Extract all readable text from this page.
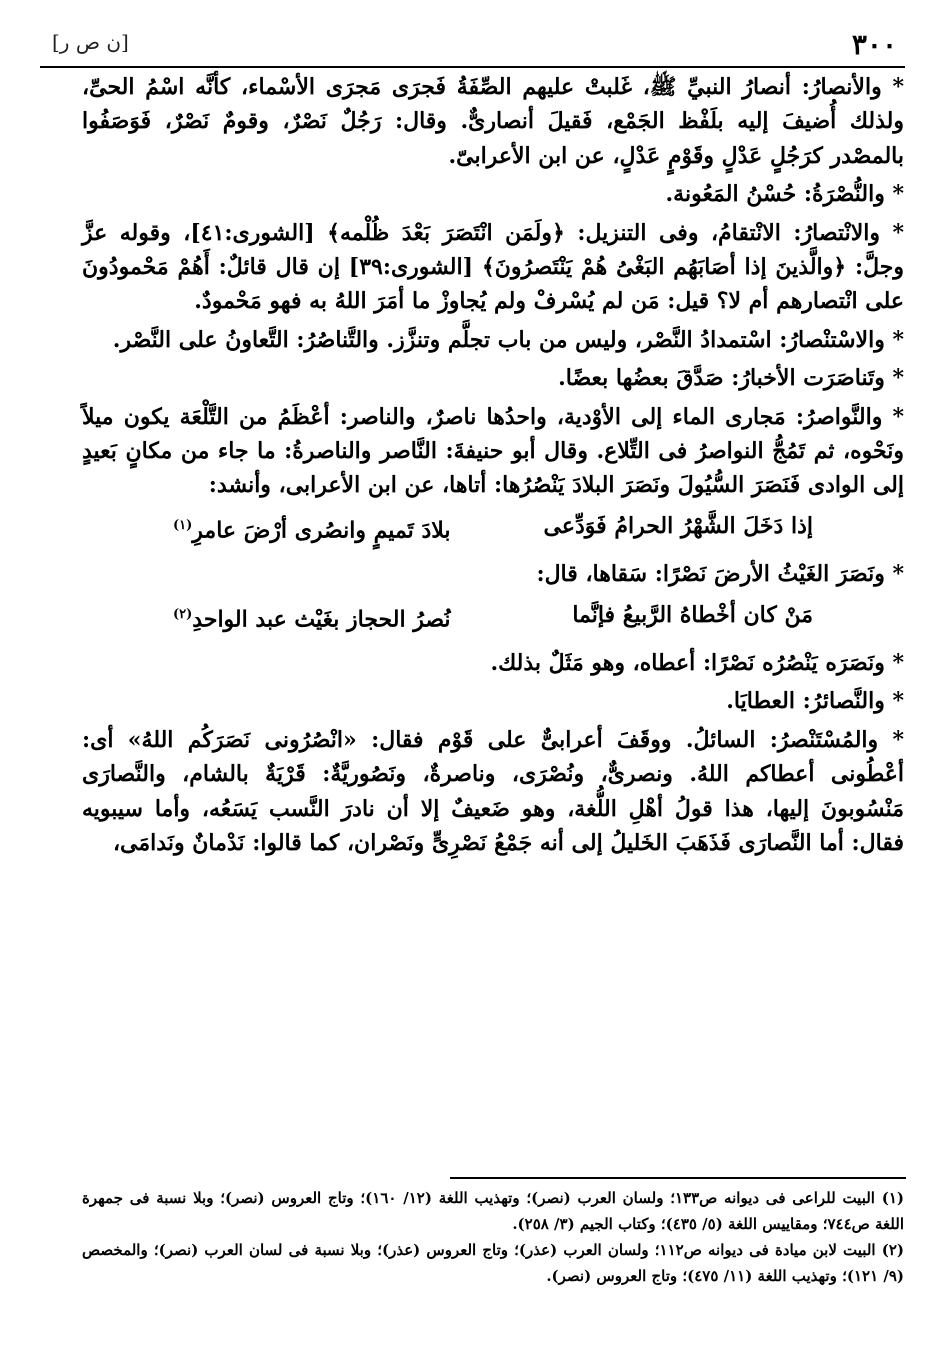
٣٠٠
[ن ص ر]

* والأنصارُ: أنصارُ النبيِّ ﷺ، غَلبتْ عليهم الصِّفَةُ فَجرَى مَجرَى الأسْماء، كأنَّه اسْمُ الحىِّ، ولذلك أُضيفَ إليه بلَفْظ الجَمْع، فَقيلَ أنصارىٌّ. وقال: رَجُلٌ نَصْرٌ، وقومٌ نَصْرٌ، فَوَصَفُوا بالمصْدر كرَجُلٍ عَدْلٍ وقَوْمٍ عَدْلٍ، عن ابن الأعرابىّ.

* والنُّصْرَةُ: حُسْنُ المَعُونة.

* والانْتصارُ: الانْتقامُ، وفى التنزيل: ﴿ولَمَن انْتَصَرَ بَعْدَ ظُلْمه﴾ [الشورى:٤١]، وقوله عزَّ وجلَّ: ﴿والَّذينَ إذا أصَابَهُم البَغْىُ هُمْ يَنْتَصرُونَ﴾ [الشورى:٣٩] إن قال قائلٌ: أَهُمْ مَحْمودُونَ على انْتصارهم أم لا؟ قيل: مَن لم يُسْرفْ ولم يُجاوزْ ما أمَرَ اللهُ به فهو مَحْمودٌ.

* والاسْتنْصارُ: اسْتمدادُ النَّصْر، وليس من باب تجلَّم وتنزَّز. والتَّناصُرُ: التَّعاونُ على النَّصْر.

* وتَناصَرَت الأخبارُ: صَدَّقَ بعضُها بعضًا.

* والنَّواصرُ: مَجارى الماء إلى الأوْدية، واحدُها ناصرٌ، والناصر: أعْظَمُ من التَّلْعَة يكون ميلاً ونَحْوه، ثم تَمُجُّ النواصرُ فى التِّلاع. وقال أبو حنيفةَ: النَّاصر والناصرةُ: ما جاء من مكانٍ بَعيدٍ إلى الوادى فَنَصَرَ السُّيُولَ ونَصَرَ البلادَ يَنْصُرُها: أتاها، عن ابن الأعرابى، وأنشد:

إذا دَخَلَ الشَّهْرُ الحرامُ فَوَدِّعى
بلادَ تَميمٍ وانصُرى أرْضَ عامرِ$^{(١)}$

* ونَصَرَ الغَيْثُ الأرضَ نَصْرًا: سَقاها، قال:

مَنْ كان أخْطاهُ الرَّبيعُ فإنَّما
نُصرُ الحجاز بغَيْث عبد الواحدِ$^{(٢)}$

* ونَصَرَه يَنْصُرُه نَصْرًا: أعطاه، وهو مَثَلٌ بذلك.

* والنَّصائرُ: العطايَا.

* والمُسْتَنْصرُ: السائلُ. ووقَفَ أعرابىٌّ على قَوْم فقال: «انْصُرُونى نَصَرَكُم اللهُ» أى: أعْطُونى أعطاكم اللهُ. ونصرىٌّ، ونُصْرَى، وناصرةٌ، ونَصُوريَّةٌ: قَرْيَةٌ بالشام، والنَّصارَى مَنْسُوبونَ إليها، هذا قولُ أهْلِ اللُّغة، وهو ضَعيفٌ إلا أن نادرَ النَّسب يَسَعُه، وأما سيبويه فقال: أما النَّصارَى فَذَهَبَ الخَليلُ إلى أنه جَمْعُ نَصْرِىٍّ ونَصْران، كما قالوا: نَدْمانٌ ونَدامَى،

(١) البيت للراعى فى ديوانه ص١٣٣؛ ولسان العرب (نصر)؛ وتهذيب اللغة (١٢/ ١٦٠)؛ وتاج العروس (نصر)؛ وبلا نسبة فى جمهرة اللغة ص٧٤٤؛ ومقاييس اللغة (٥/ ٤٣٥)؛ وكتاب الجيم (٣/ ٢٥٨).

(٢) البيت لابن ميادة فى ديوانه ص١١٢؛ ولسان العرب (عذر)؛ وتاج العروس (عذر)؛ وبلا نسبة فى لسان العرب (نصر)؛ والمخصص (٩/ ١٢١)؛ وتهذيب اللغة (١١/ ٤٧٥)؛ وتاج العروس (نصر).
